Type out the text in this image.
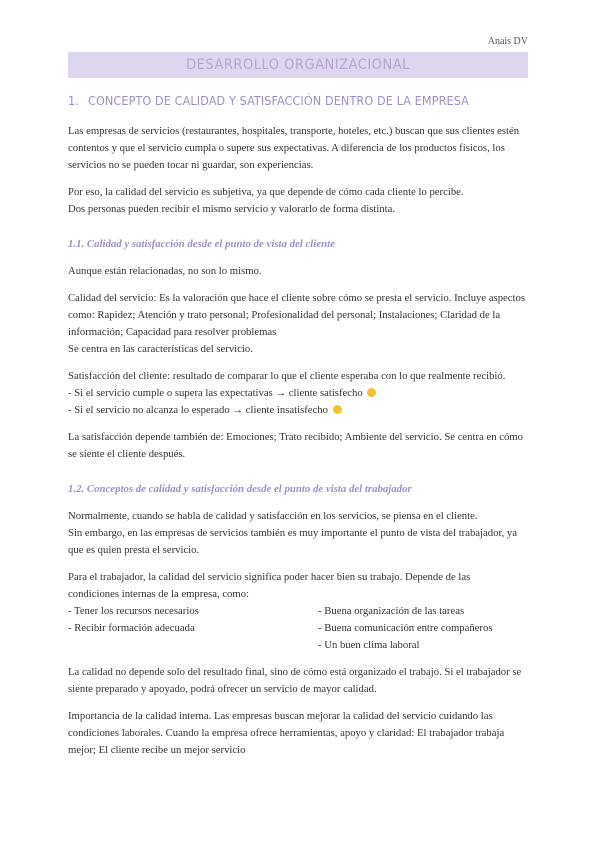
Anais DV
DESARROLLO ORGANIZACIONAL
1. CONCEPTO DE CALIDAD Y SATISFACCIÓN DENTRO DE LA EMPRESA

Las empresas de servicios (restaurantes, hospitales, transporte, hoteles, etc.) buscan que sus clientes estén
contentos y que el servicio cumpla o supere sus expectativas. A diferencia de los productos físicos, los
servicios no se pueden tocar ni guardar, son experiencias.

Por eso, la calidad del servicio es subjetiva, ya que depende de cómo cada cliente lo percibe.
Dos personas pueden recibir el mismo servicio y valorarlo de forma distinta.

1.1. Calidad y satisfacción desde el punto de vista del cliente

Aunque están relacionadas, no son lo mismo.

Calidad del servicio: Es la valoración que hace el cliente sobre cómo se presta el servicio. Incluye aspectos
como: Rapidez; Atención y trato personal; Profesionalidad del personal; Instalaciones; Claridad de la
información; Capacidad para resolver problemas
Se centra en las características del servicio.

Satisfacción del cliente: resultado de comparar lo que el cliente esperaba con lo que realmente recibió.
- Si el servicio cumple o supera las expectativas → cliente satisfecho
- Si el servicio no alcanza lo esperado → cliente insatisfecho

La satisfacción depende también de: Emociones; Trato recibido; Ambiente del servicio. Se centra en cómo
se siente el cliente después.

1.2. Conceptos de calidad y satisfacción desde el punto de vista del trabajador

Normalmente, cuando se habla de calidad y satisfacción en los servicios, se piensa en el cliente.
Sin embargo, en las empresas de servicios también es muy importante el punto de vista del trabajador, ya
que es quien presta el servicio.

Para el trabajador, la calidad del servicio significa poder hacer bien su trabajo. Depende de las
condiciones internas de la empresa, como:

- Tener los recursos necesarios
- Recibir formación adecuada
- Buena organización de las tareas
- Buena comunicación entre compañeros
- Un buen clima laboral

La calidad no depende solo del resultado final, sino de cómo está organizado el trabajo. Si el trabajador se
siente preparado y apoyado, podrá ofrecer un servicio de mayor calidad.

Importancia de la calidad interna. Las empresas buscan mejorar la calidad del servicio cuidando las
condiciones laborales. Cuando la empresa ofrece herramientas, apoyo y claridad: El trabajador trabaja
mejor; El cliente recibe un mejor servicio
